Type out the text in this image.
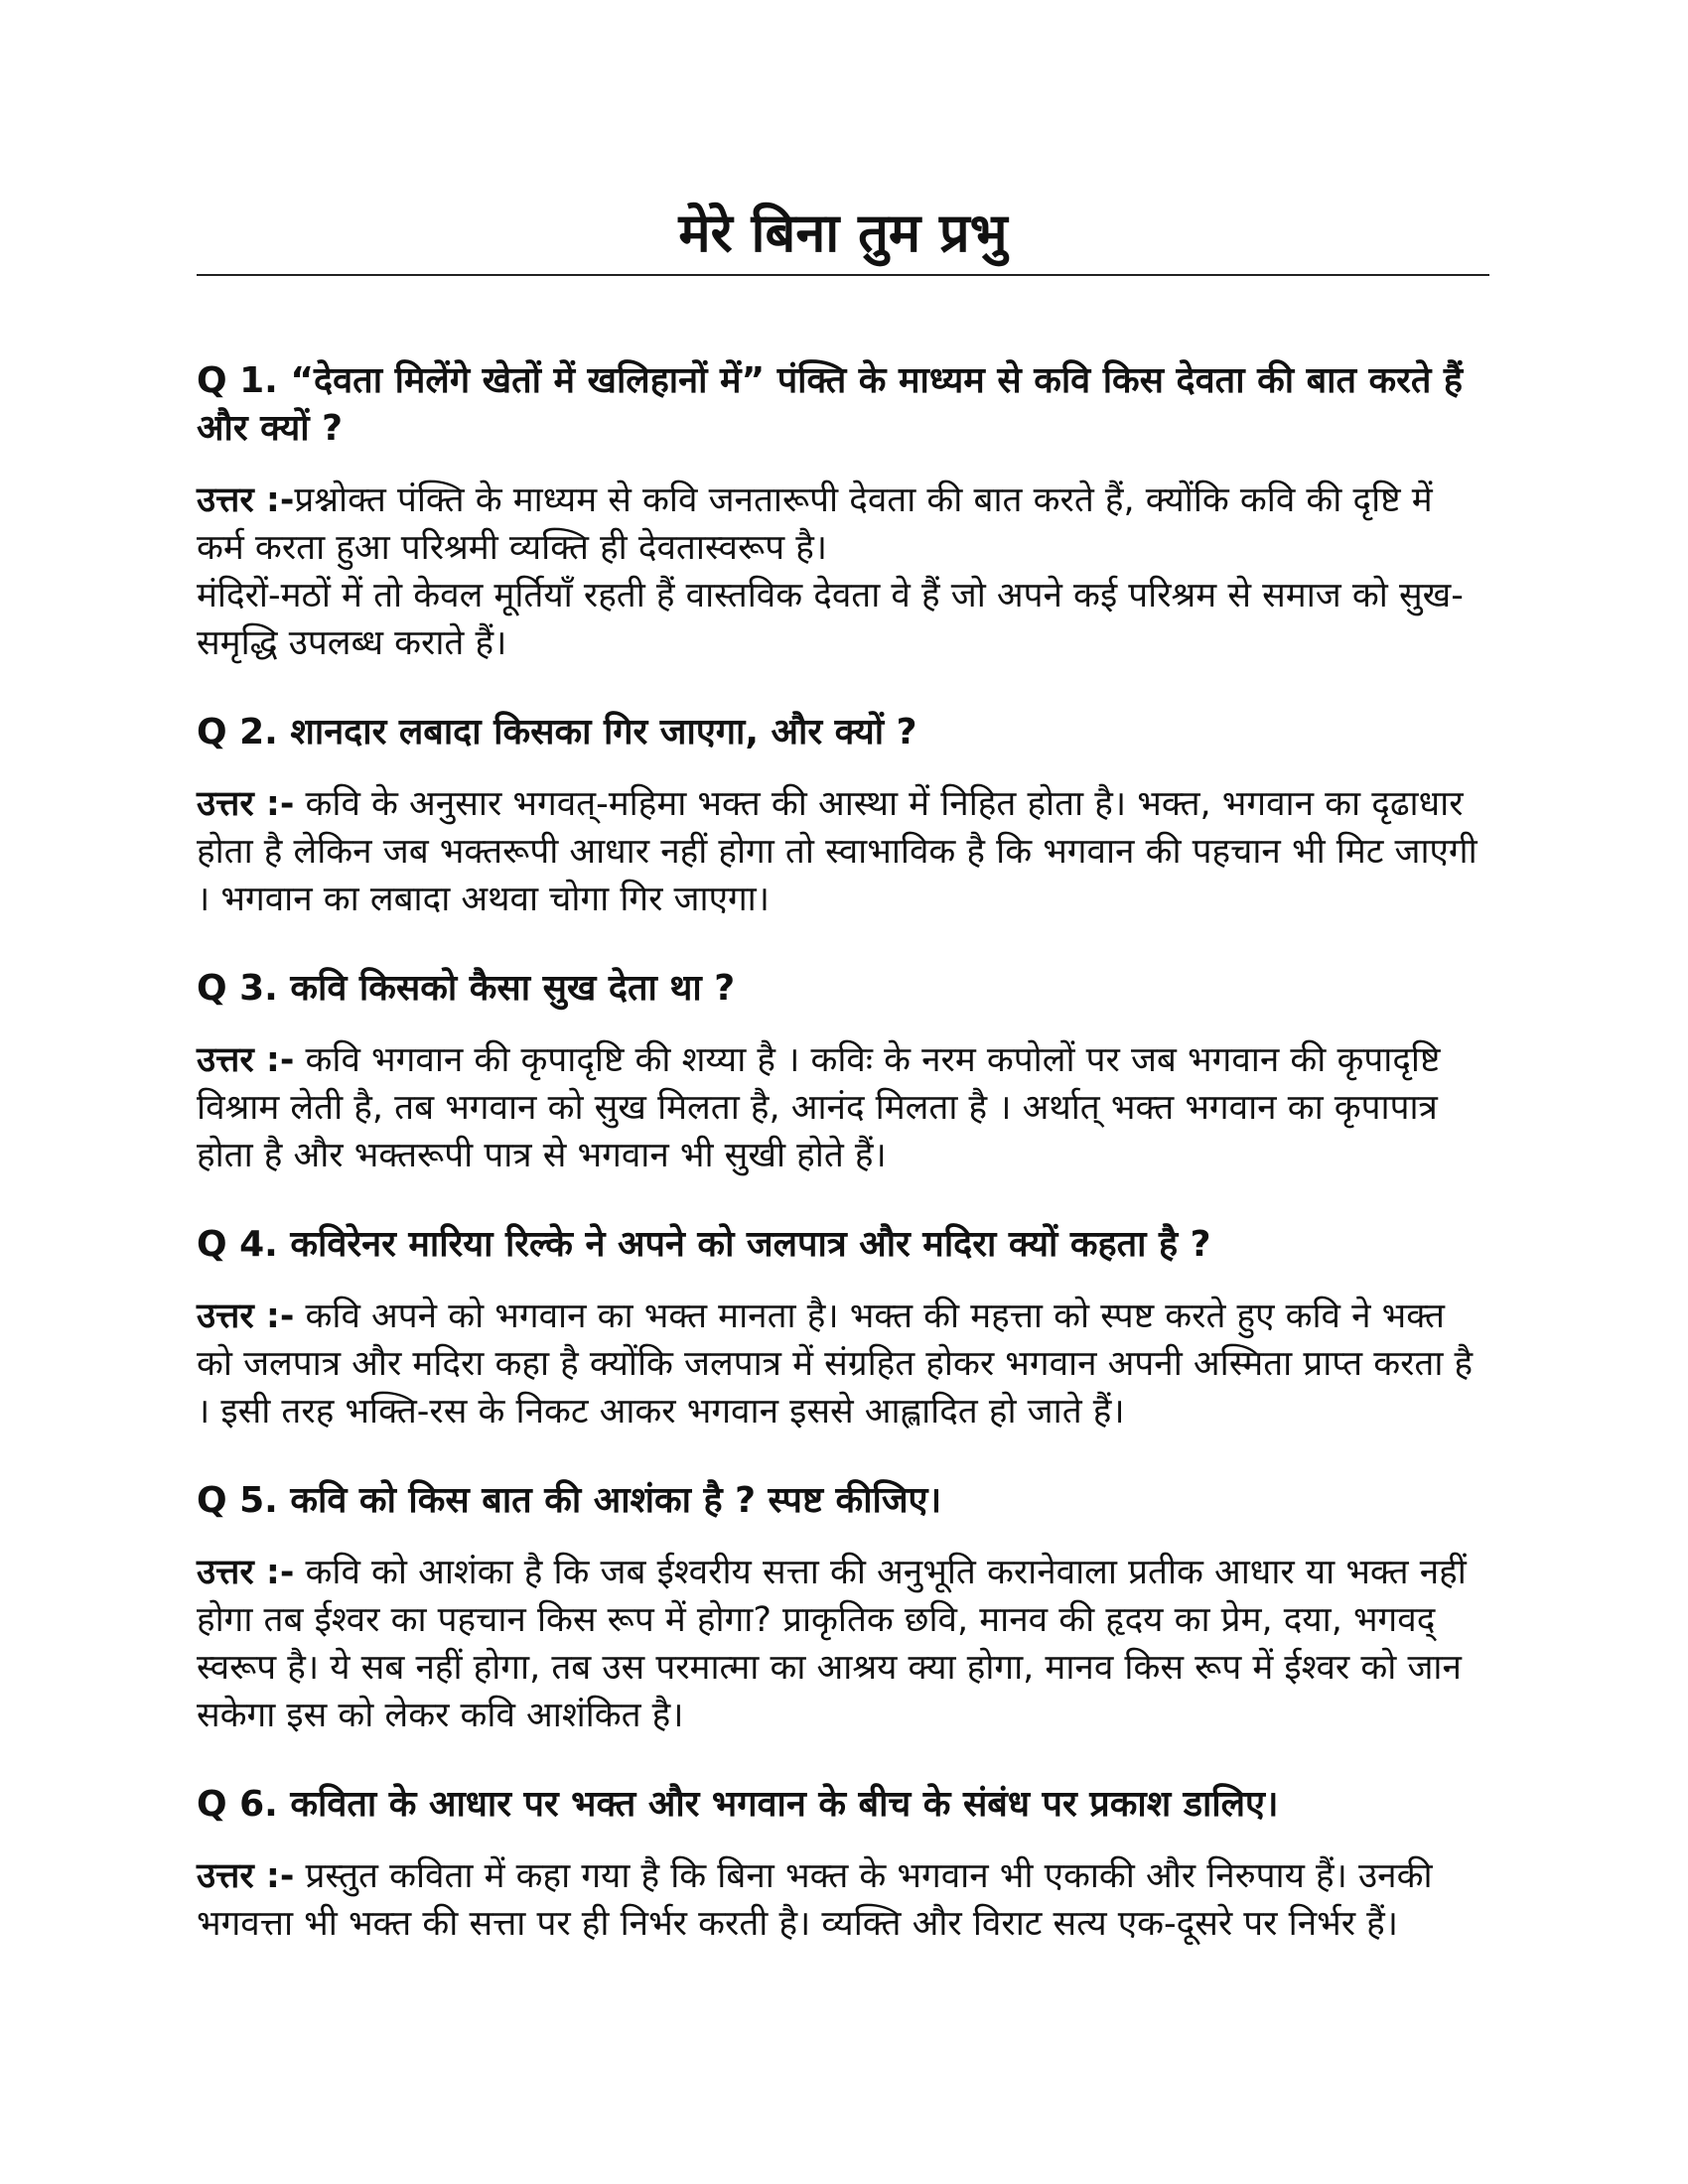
मेरे बिना तुम प्रभु

Q 1. “देवता मिलेंगे खेतों में खलिहानों में” पंक्ति के माध्यम से कवि किस देवता की बात करते हैं और क्यों ?

उत्तर :-प्रश्नोक्त पंक्ति के माध्यम से कवि जनतारूपी देवता की बात करते हैं, क्योंकि कवि की दृष्टि में कर्म करता हुआ परिश्रमी व्यक्ति ही देवतास्वरूप है।

मंदिरों-मठों में तो केवल मूर्तियाँ रहती हैं वास्तविक देवता वे हैं जो अपने कई परिश्रम से समाज को सुख-समृद्धि उपलब्ध कराते हैं।

Q 2. शानदार लबादा किसका गिर जाएगा, और क्यों ?

उत्तर :- कवि के अनुसार भगवत्-महिमा भक्त की आस्था में निहित होता है। भक्त, भगवान का दृढाधार होता है लेकिन जब भक्तरूपी आधार नहीं होगा तो स्वाभाविक है कि भगवान की पहचान भी मिट जाएगी । भगवान का लबादा अथवा चोगा गिर जाएगा।

Q 3. कवि किसको कैसा सुख देता था ?

उत्तर :- कवि भगवान की कृपादृष्टि की शय्या है । कविः के नरम कपोलों पर जब भगवान की कृपादृष्टि विश्राम लेती है, तब भगवान को सुख मिलता है, आनंद मिलता है । अर्थात् भक्त भगवान का कृपापात्र होता है और भक्तरूपी पात्र से भगवान भी सुखी होते हैं।

Q 4. कविरेनर मारिया रिल्के ने अपने को जलपात्र और मदिरा क्यों कहता है ?

उत्तर :- कवि अपने को भगवान का भक्त मानता है। भक्त की महत्ता को स्पष्ट करते हुए कवि ने भक्त को जलपात्र और मदिरा कहा है क्योंकि जलपात्र में संग्रहित होकर भगवान अपनी अस्मिता प्राप्त करता है । इसी तरह भक्ति-रस के निकट आकर भगवान इससे आह्लादित हो जाते हैं।

Q 5. कवि को किस बात की आशंका है ? स्पष्ट कीजिए।

उत्तर :- कवि को आशंका है कि जब ईश्वरीय सत्ता की अनुभूति करानेवाला प्रतीक आधार या भक्त नहीं होगा तब ईश्वर का पहचान किस रूप में होगा? प्राकृतिक छवि, मानव की हृदय का प्रेम, दया, भगवद् स्वरूप है। ये सब नहीं होगा, तब उस परमात्मा का आश्रय क्या होगा, मानव किस रूप में ईश्वर को जान सकेगा इस को लेकर कवि आशंकित है।

Q 6. कविता के आधार पर भक्त और भगवान के बीच के संबंध पर प्रकाश डालिए।

उत्तर :- प्रस्तुत कविता में कहा गया है कि बिना भक्त के भगवान भी एकाकी और निरुपाय हैं। उनकी भगवत्ता भी भक्त की सत्ता पर ही निर्भर करती है। व्यक्ति और विराट सत्य एक-दूसरे पर निर्भर हैं।
